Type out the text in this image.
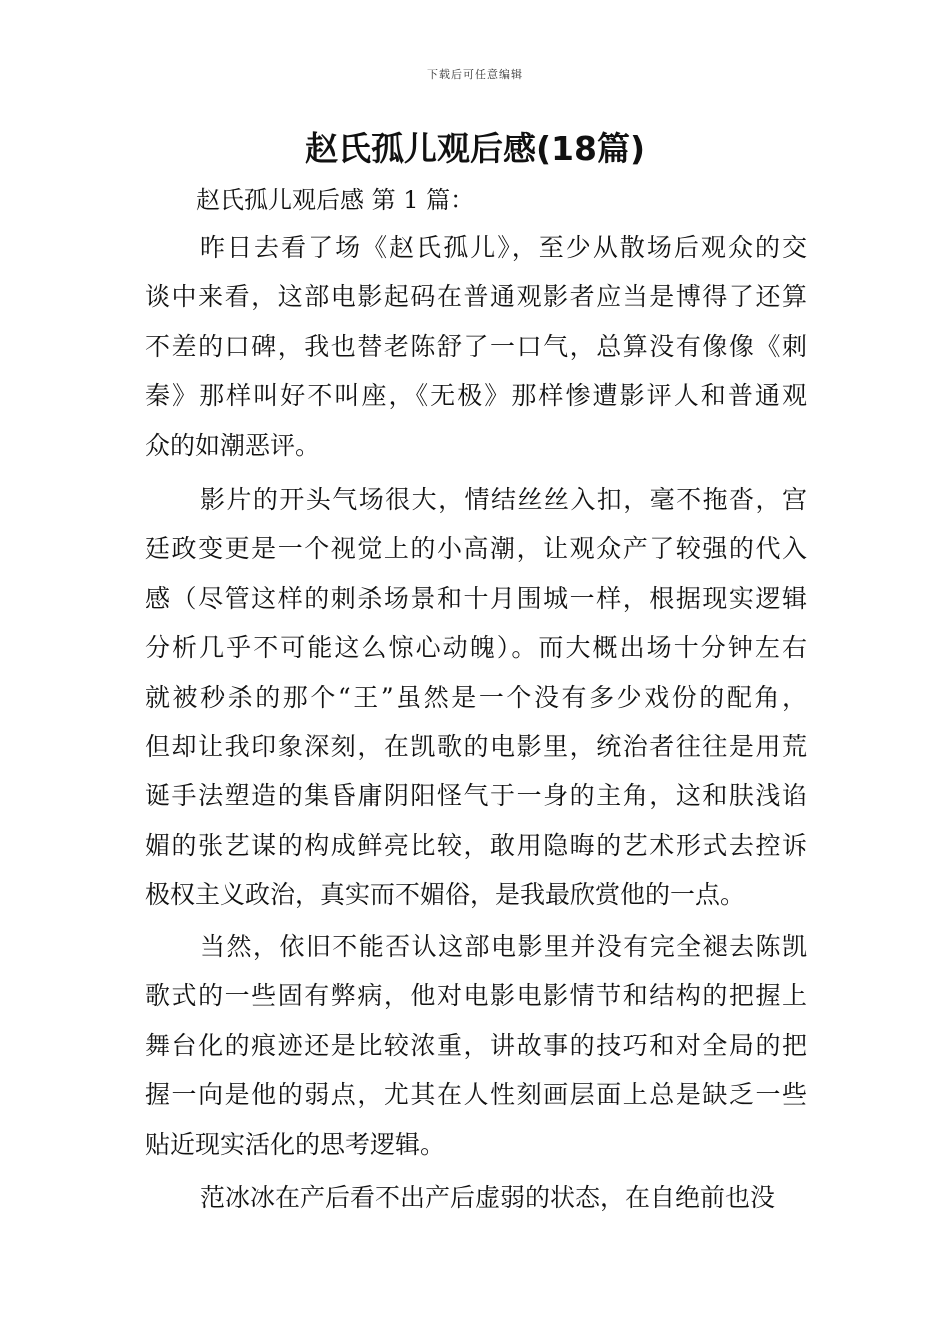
下载后可任意编辑
赵氏孤儿观后感(18篇)
赵氏孤儿观后感 第 1 篇：
昨日去看了场《赵氏孤儿》，至少从散场后观众的交
谈中来看，这部电影起码在普通观影者应当是博得了还算
不差的口碑，我也替老陈舒了一口气，总算没有像像《刺
秦》那样叫好不叫座，《无极》那样惨遭影评人和普通观
众的如潮恶评。
影片的开头气场很大，情结丝丝入扣，毫不拖沓，宫
廷政变更是一个视觉上的小高潮，让观众产了较强的代入
感（尽管这样的刺杀场景和十月围城一样，根据现实逻辑
分析几乎不可能这么惊心动魄）。而大概出场十分钟左右
就被秒杀的那个“王”虽然是一个没有多少戏份的配角，
但却让我印象深刻，在凯歌的电影里，统治者往往是用荒
诞手法塑造的集昏庸阴阳怪气于一身的主角，这和肤浅谄
媚的张艺谋的构成鲜亮比较，敢用隐晦的艺术形式去控诉
极权主义政治，真实而不媚俗，是我最欣赏他的一点。
当然，依旧不能否认这部电影里并没有完全褪去陈凯
歌式的一些固有弊病，他对电影电影情节和结构的把握上
舞台化的痕迹还是比较浓重，讲故事的技巧和对全局的把
握一向是他的弱点，尤其在人性刻画层面上总是缺乏一些
贴近现实活化的思考逻辑。
范冰冰在产后看不出产后虚弱的状态，在自绝前也没
